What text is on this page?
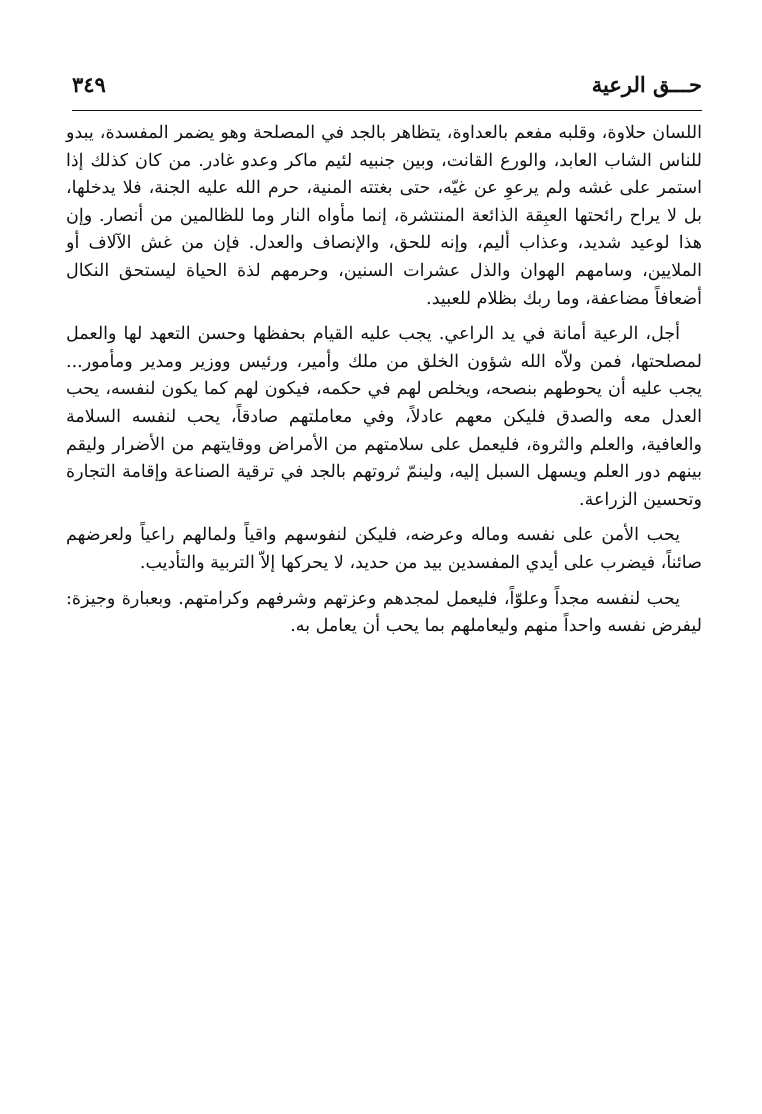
حـــق الرعية
٣٤٩

اللسان حلاوة، وقلبه مفعم بالعداوة، يتظاهر بالجد في المصلحة وهو يضمر المفسدة، يبدو للناس الشاب العابد، والورع القانت، وبين جنبيه لئيم ماكر وعدو غادر. من كان كذلك إذا استمر على غشه ولم يرعوِ عن غيّه، حتى بغتته المنية، حرم الله عليه الجنة، فلا يدخلها، بل لا يراح رائحتها العبِقة الذائعة المنتشرة، إنما مأواه النار وما للظالمين من أنصار. وإن هذا لوعيد شديد، وعذاب أليم، وإنه للحق، والإنصاف والعدل. فإن من غش الآلاف أو الملايين، وسامهم الهوان والذل عشرات السنين، وحرمهم لذة الحياة ليستحق النكال أضعافاً مضاعفة، وما ربك بظلام للعبيد.

أجل، الرعية أمانة في يد الراعي. يجب عليه القيام بحفظها وحسن التعهد لها والعمل لمصلحتها، فمن ولاّه الله شؤون الخلق من ملك وأمير، ورئيس ووزير ومدير ومأمور... يجب عليه أن يحوطهم بنصحه، ويخلص لهم في حكمه، فيكون لهم كما يكون لنفسه، يحب العدل معه والصدق فليكن معهم عادلاً، وفي معاملتهم صادقاً، يحب لنفسه السلامة والعافية، والعلم والثروة، فليعمل على سلامتهم من الأمراض ووقايتهم من الأضرار وليقم بينهم دور العلم ويسهل السبل إليه، ولينمّ ثروتهم بالجد في ترقية الصناعة وإقامة التجارة وتحسين الزراعة.

يحب الأمن على نفسه وماله وعرضه، فليكن لنفوسهم واقياً ولمالهم راعياً ولعرضهم صائناً، فيضرب على أيدي المفسدين بيد من حديد، لا يحركها إلاّ التربية والتأديب.

يحب لنفسه مجداً وعلوّاً، فليعمل لمجدهم وعزتهم وشرفهم وكرامتهم. وبعبارة وجيزة: ليفرض نفسه واحداً منهم وليعاملهم بما يحب أن يعامل به.
